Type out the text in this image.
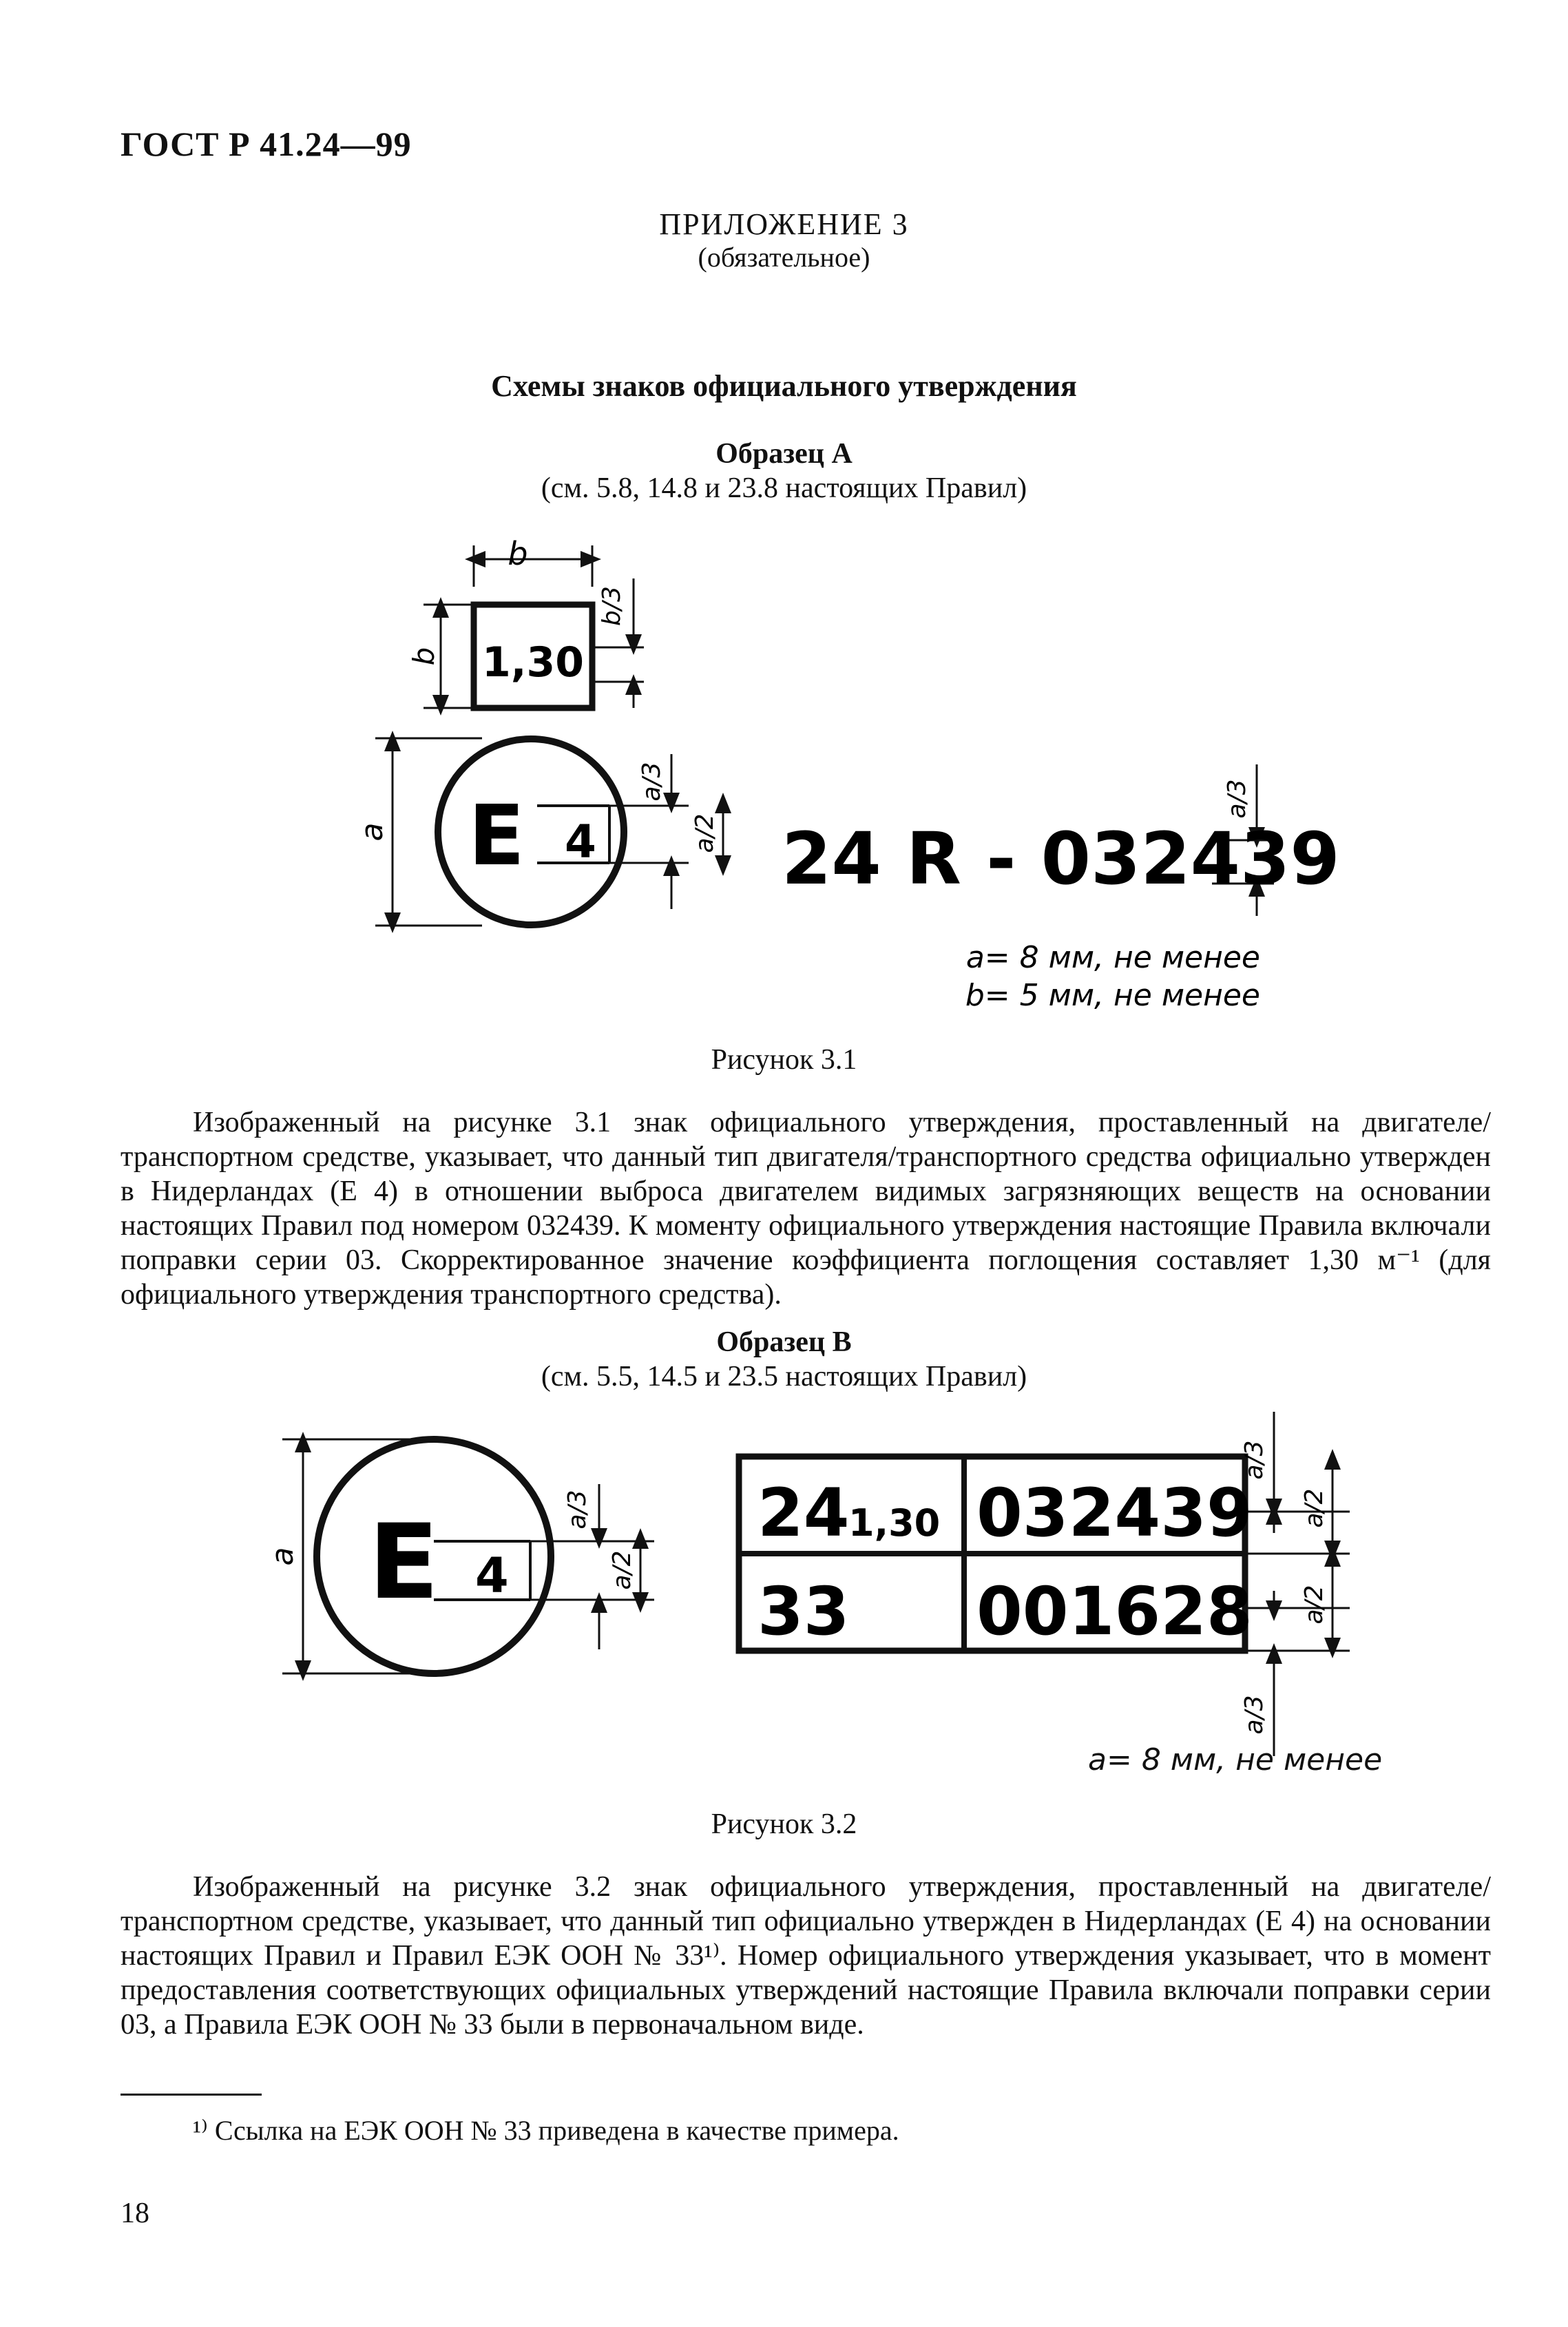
ГОСТ Р 41.24—99
ПРИЛОЖЕНИЕ 3
(обязательное)
Схемы знаков официального утверждения
Образец А
(см. 5.8, 14.8 и 23.8 настоящих Правил)
b
b
b/3
1,30
a E 4
a/3
a/2 24 R - 032439
a/3
a= 8 мм, не менее
b= 5 мм, не менее
Рисунок 3.1

Изображенный на рисунке 3.1 знак официального утверждения, проставленный на двигателе/транспортном средстве, указывает, что данный тип двигателя/транспортного средства официально утвержден в Нидерландах (Е 4) в отношении выброса двигателем видимых загрязняющих веществ на основании настоящих Правил под номером 032439. К моменту официального утверждения настоящие Правила включали поправки серии 03. Скорректированное значение коэффициента поглощения составляет 1,30 м⁻¹ (для официального утверждения транспортного средства).

Образец В
(см. 5.5, 14.5 и 23.5 настоящих Правил)
a E 4
a/3
a/2
24
1,30 032439
33 001628
a/3
a/2
a/2
a/3
a= 8 мм, не менее
Рисунок 3.2

Изображенный на рисунке 3.2 знак официального утверждения, проставленный на двигателе/транспортном средстве, указывает, что данный тип официально утвержден в Нидерландах (Е 4) на основании настоящих Правил и Правил ЕЭК ООН № 33¹⁾. Номер официального утверждения указывает, что в момент предоставления соответствующих официальных утверждений настоящие Правила включали поправки серии 03, а Правила ЕЭК ООН № 33 были в первоначальном виде.

¹⁾ Ссылка на ЕЭК ООН № 33 приведена в качестве примера.
18
